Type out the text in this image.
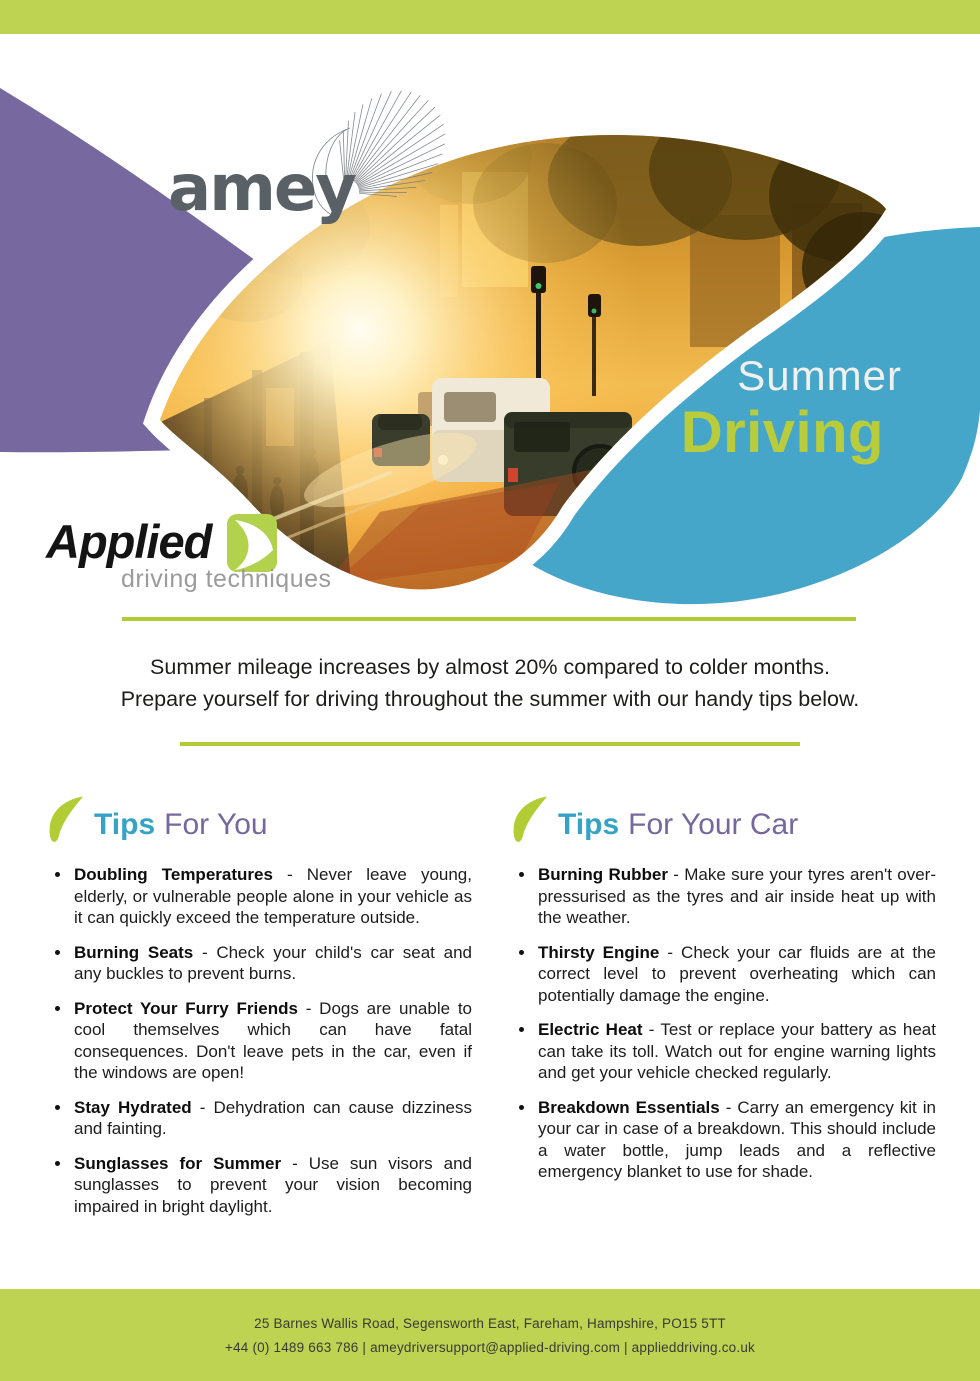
amey
Summer
Driving
Applied
driving techniques

Summer mileage increases by almost 20% compared to colder months.

Prepare yourself for driving throughout the summer with our handy tips below.

Tips For You

Doubling Temperatures - Never leave young, elderly, or vulnerable people alone in your vehicle as it can quickly exceed the temperature outside.

Burning Seats - Check your child's car seat and any buckles to prevent burns.

Protect Your Furry Friends - Dogs are unable to cool themselves which can have fatal consequences. Don't leave pets in the car, even if the windows are open!

Stay Hydrated - Dehydration can cause dizziness and fainting.

Sunglasses for Summer - Use sun visors and sunglasses to prevent your vision becoming impaired in bright daylight.

Tips For Your Car

Burning Rubber - Make sure your tyres aren't over-pressurised as the tyres and air inside heat up with the weather.

Thirsty Engine - Check your car fluids are at the correct level to prevent overheating which can potentially damage the engine.

Electric Heat - Test or replace your battery as heat can take its toll. Watch out for engine warning lights and get your vehicle checked regularly.

Breakdown Essentials - Carry an emergency kit in your car in case of a breakdown. This should include a water bottle, jump leads and a reflective emergency blanket to use for shade.

25 Barnes Wallis Road, Segensworth East, Fareham, Hampshire, PO15 5TT

+44 (0) 1489 663 786 | ameydriversupport@applied-driving.com | applieddriving.co.uk
